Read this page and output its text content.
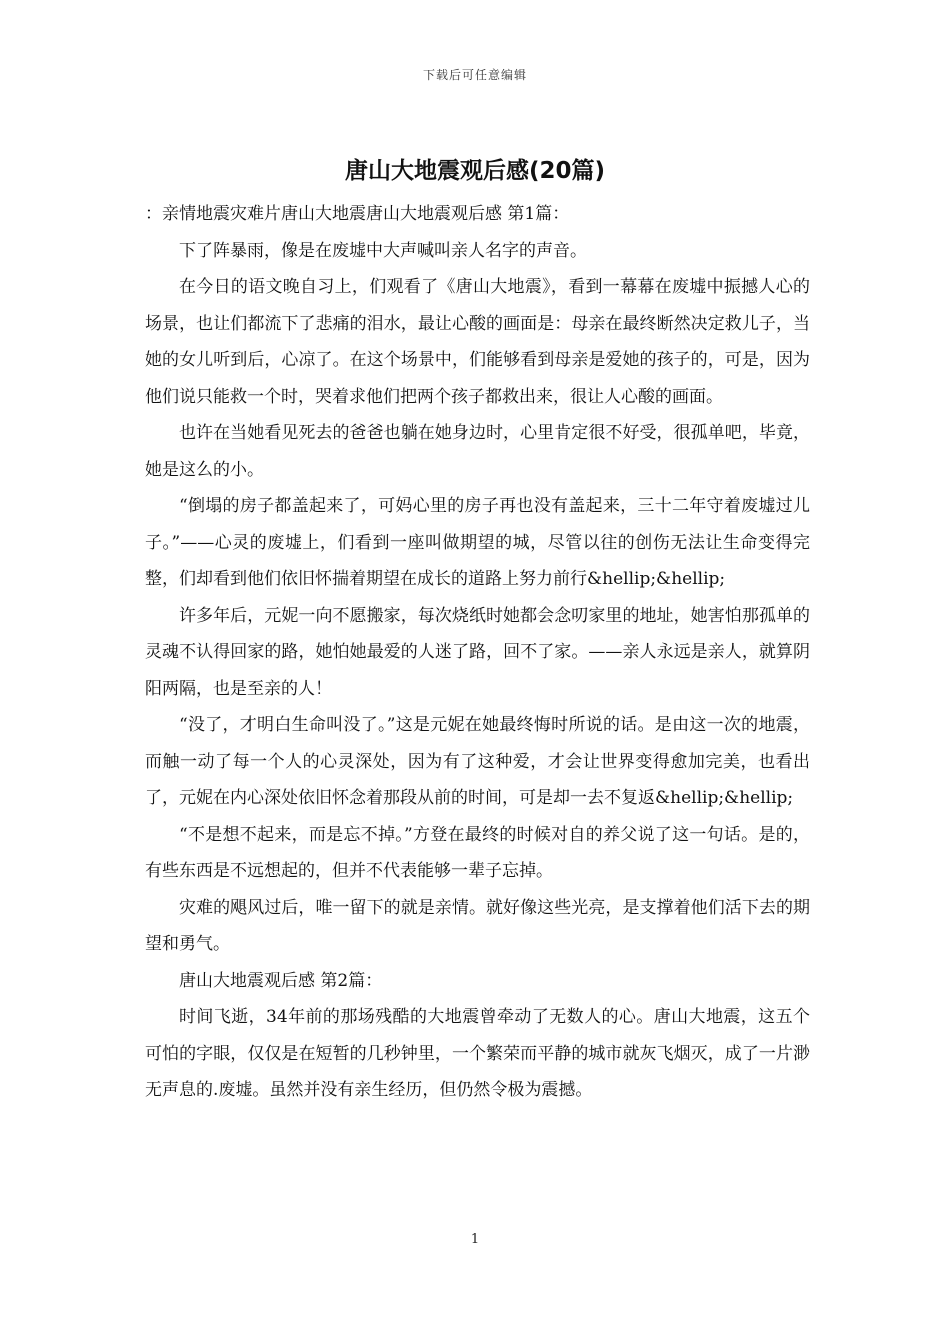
下载后可任意编辑
唐山大地震观后感(20篇)

：亲情地震灾难片唐山大地震唐山大地震观后感 第1篇：

下了阵暴雨，像是在废墟中大声喊叫亲人名字的声音。

在今日的语文晚自习上，们观看了《唐山大地震》，看到一幕幕在废墟中振撼人心的场景，也让们都流下了悲痛的泪水，最让心酸的画面是：母亲在最终断然决定救儿子，当她的女儿听到后，心凉了。在这个场景中，们能够看到母亲是爱她的孩子的，可是，因为他们说只能救一个时，哭着求他们把两个孩子都救出来，很让人心酸的画面。

也许在当她看见死去的爸爸也躺在她身边时，心里肯定很不好受，很孤单吧，毕竟，她是这么的小。

“倒塌的房子都盖起来了，可妈心里的房子再也没有盖起来，三十二年守着废墟过儿子。”——心灵的废墟上，们看到一座叫做期望的城，尽管以往的创伤无法让生命变得完整，们却看到他们依旧怀揣着期望在成长的道路上努力前行&hellip;&hellip;

许多年后，元妮一向不愿搬家，每次烧纸时她都会念叨家里的地址，她害怕那孤单的灵魂不认得回家的路，她怕她最爱的人迷了路，回不了家。——亲人永远是亲人，就算阴阳两隔，也是至亲的人！

“没了，才明白生命叫没了。”这是元妮在她最终悔时所说的话。是由这一次的地震，而触一动了每一个人的心灵深处，因为有了这种爱，才会让世界变得愈加完美，也看出了，元妮在内心深处依旧怀念着那段从前的时间，可是却一去不复返&hellip;&hellip;

“不是想不起来，而是忘不掉。”方登在最终的时候对自的养父说了这一句话。是的，有些东西是不远想起的，但并不代表能够一辈子忘掉。

灾难的飓风过后，唯一留下的就是亲情。就好像这些光亮，是支撑着他们活下去的期望和勇气。

唐山大地震观后感 第2篇：

时间飞逝，34年前的那场残酷的大地震曾牵动了无数人的心。唐山大地震，这五个可怕的字眼，仅仅是在短暂的几秒钟里，一个繁荣而平静的城市就灰飞烟灭，成了一片渺无声息的.废墟。虽然并没有亲生经历，但仍然令极为震撼。

1
